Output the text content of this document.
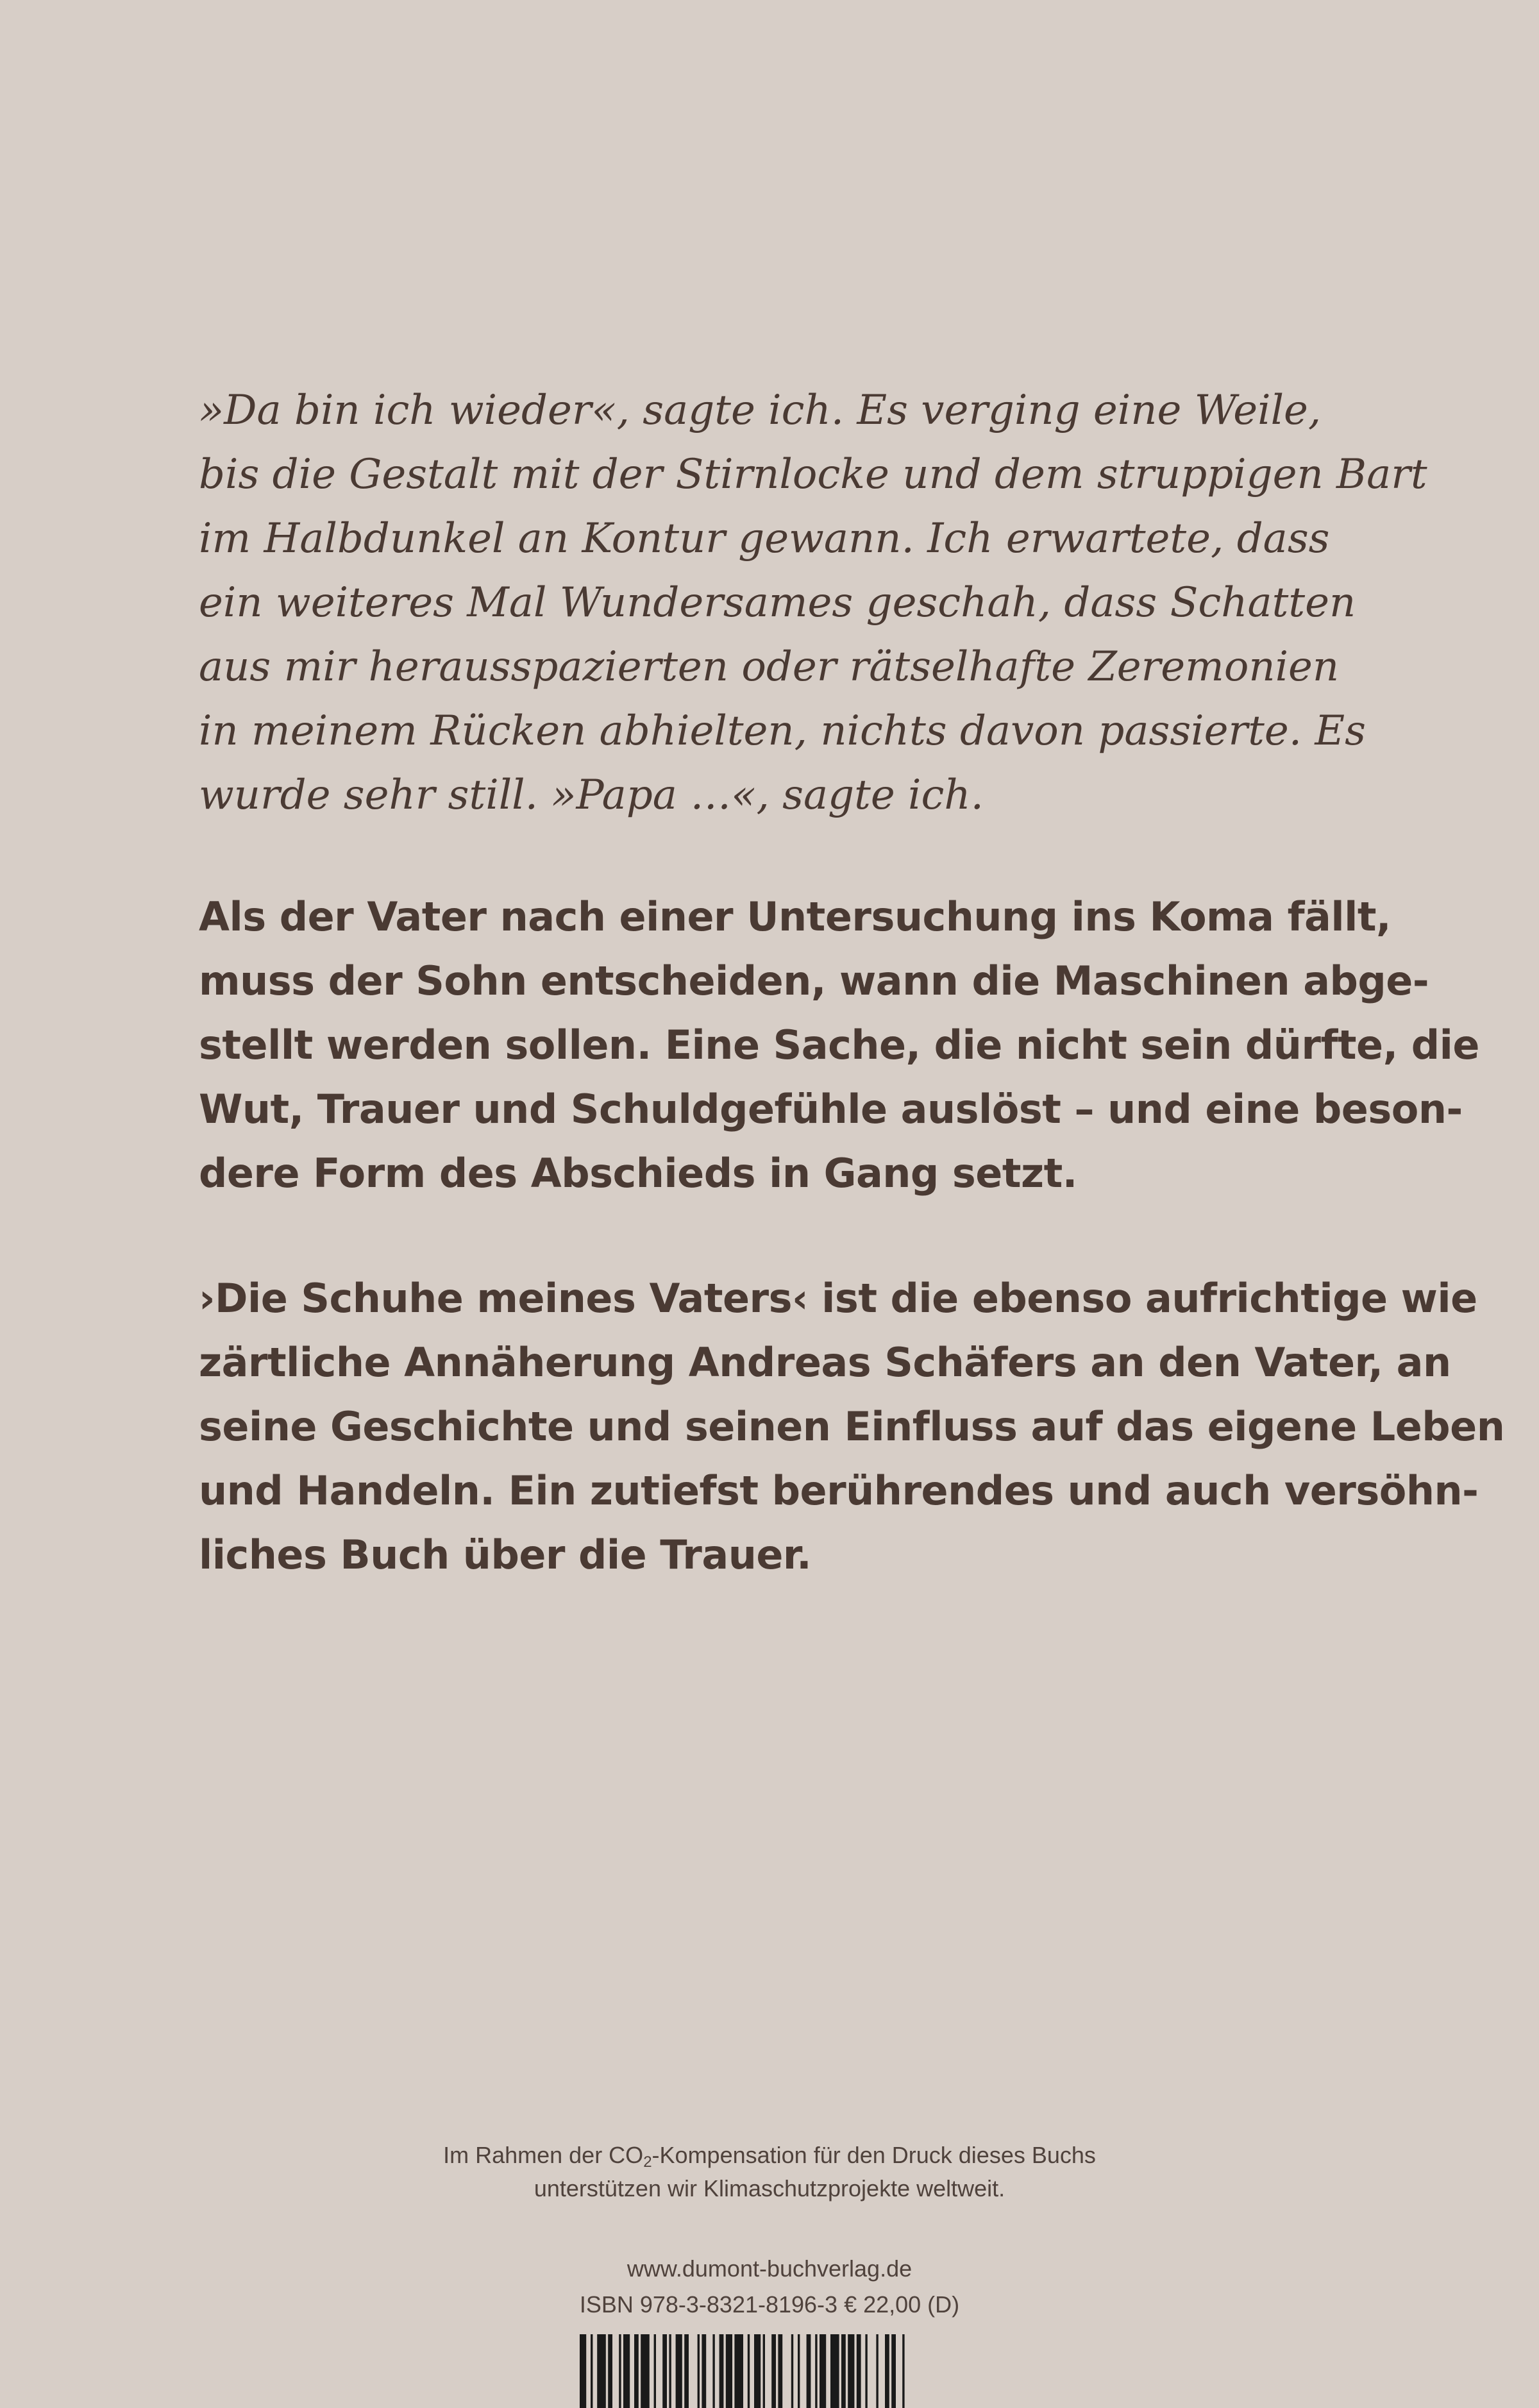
»Da bin ich wieder«, sagte ich. Es verging eine Weile,

bis die Gestalt mit der Stirnlocke und dem struppigen Bart

im Halbdunkel an Kontur gewann. Ich erwartete, dass

ein weiteres Mal Wundersames geschah, dass Schatten

aus mir herausspazierten oder rätselhafte Zeremonien

in meinem Rücken abhielten, nichts davon passierte. Es

wurde sehr still. »Papa …«, sagte ich.

Als der Vater nach einer Untersuchung ins Koma fällt,

muss der Sohn entscheiden, wann die Maschinen abge-

stellt werden sollen. Eine Sache, die nicht sein dürfte, die

Wut, Trauer und Schuldgefühle auslöst – und eine beson-

dere Form des Abschieds in Gang setzt.

›Die Schuhe meines Vaters‹ ist die ebenso aufrichtige wie

zärtliche Annäherung Andreas Schäfers an den Vater, an

seine Geschichte und seinen Einfluss auf das eigene Leben

und Handeln. Ein zutiefst berührendes und auch versöhn-

liches Buch über die Trauer.

Im Rahmen der $CO_2$-Kompensation für den Druck dieses Buchs

unterstützen wir Klimaschutzprojekte weltweit.

www.dumont-buchverlag.de

ISBN 978-3-8321-8196-3 € 22,00 (D)
